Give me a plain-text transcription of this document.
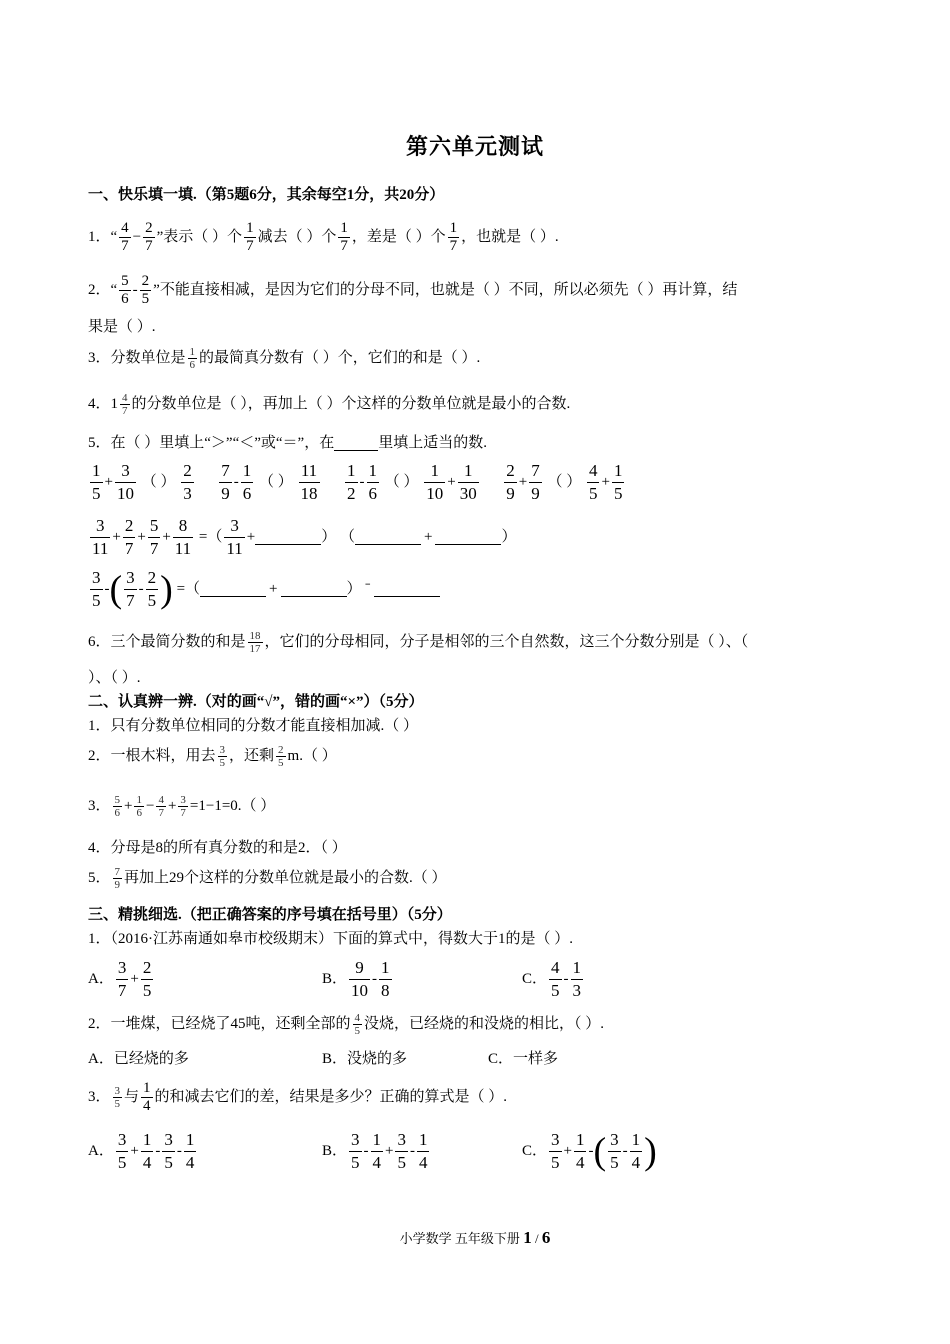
第六单元测试
一、快乐填一填.（第5题6分，其余每空1分，共20分）
1．“ $\frac{4}{7} - \frac{2}{7}$ ”表示（ ）个 $\frac{1}{7}$ 减去（ ）个 $\frac{1}{7}$ ，差是（ ）个 $\frac{1}{7}$ ，也就是（ ）.
2．“ $\frac{5}{6} - \frac{2}{5}$ ”不能直接相减，是因为它们的分母不同，也就是（ ）不同，所以必须先（ ）再计算，结
果是（ ）.
3．分数单位是 $\frac{1}{6}$ 的最简真分数有（ ）个，它们的和是（ ）.
4．$1 \frac{4}{7}$ 的分数单位是（ ），再加上（ ）个这样的分数单位就是最小的合数.
5．在（ ）里填上“＞”“＜”或“＝”，在	里填上适当的数.
$\frac{1}{5} + \frac{3}{10}$ （ ） $\frac{2}{3}$
$\frac{7}{9} - \frac{1}{6}$ （ ） $\frac{11}{18}$
$\frac{1}{2} - \frac{1}{6}$ （ ） $\frac{1}{10} + \frac{1}{30}$
$\frac{2}{9} + \frac{7}{9}$ （ ） $\frac{4}{5} + \frac{1}{5}$
$\frac{3}{11} + \frac{2}{7} + \frac{5}{7} + \frac{8}{11}$ =（ $\frac{3}{11}$ +	） （	+	）
$\frac{3}{5}$ -( $\frac{3}{7} - \frac{2}{5}$ ) =（	+	） ˉ
6．三个最简分数的和是 $\frac{18}{17}$ ，它们的分母相同，分子是相邻的三个自然数，这三个分数分别是（ ）、（
）、（ ）.
二、认真辨一辨.（对的画“√”，错的画“×”）（5分）
1．只有分数单位相同的分数才能直接相加减.（ ）
2．一根木料，用去 $\frac{3}{5}$ ，还剩 $\frac{2}{5} m$.（ ）
3． $\frac{5}{6} + \frac{1}{6} - \frac{4}{7} + \frac{3}{7} =1-1=0$.（ ）
4．分母是8的所有真分数的和是2．（ ）
5． $\frac{7}{9}$ 再加上29个这样的分数单位就是最小的合数.（ ）
三、精挑细选.（把正确答案的序号填在括号里）（5分）
1．（2016·江苏南通如皋市校级期末）下面的算式中，得数大于1的是（ ）.
A． $\frac{3}{7} + \frac{2}{5}$	B． $\frac{9}{10} - \frac{1}{8}$	C． $\frac{4}{5} - \frac{1}{3}$
2．一堆煤，已经烧了45吨，还剩全部的 $\frac{4}{5}$ 没烧，已经烧的和没烧的相比，（ ）.
A．已经烧的多	B．没烧的多	C．一样多
3． $\frac{3}{5}$ 与 $\frac{1}{4}$ 的和减去它们的差，结果是多少？正确的算式是（ ）.
A． $\frac{3}{5} + \frac{1}{4} - \frac{3}{5} - \frac{1}{4}$	B． $\frac{3}{5} - \frac{1}{4} + \frac{3}{5} - \frac{1}{4}$	C． $\frac{3}{5} + \frac{1}{4}$ -( $\frac{3}{5} - \frac{1}{4}$ )
小学数学 五年级下册 1 / 6
